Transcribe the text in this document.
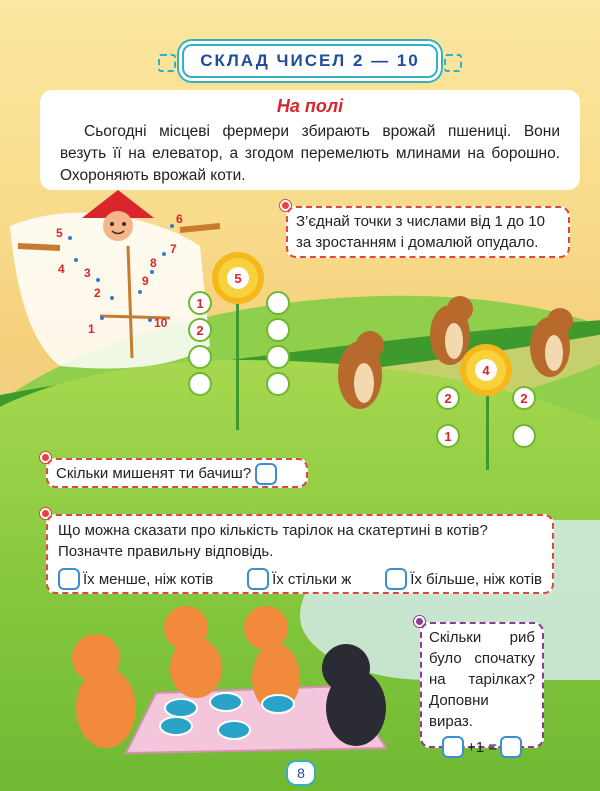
СКЛАД ЧИСЕЛ 2 — 10
На полі

Сьогодні місцеві фермери збирають врожай пшениці. Вони везуть її на елеватор, а згодом перемелють млинами на борошно. Охороняють врожай коти.

5
6
7
4	8
3
9
2
1	10
З’єднай точки з числами від 1 до 10 за зростанням і домалюй опудало.
5
1
2
4
2
1
2
Скільки мишенят ти бачиш?
Що можна сказати про кількість тарілок на скатертині в котів? Позначте правильну відповідь.
Їх менше, ніж котів	Їх стільки ж	Їх більше, ніж котів
Скільки риб було спочатку на тарілках? Доповни вираз.
+1 =
8
